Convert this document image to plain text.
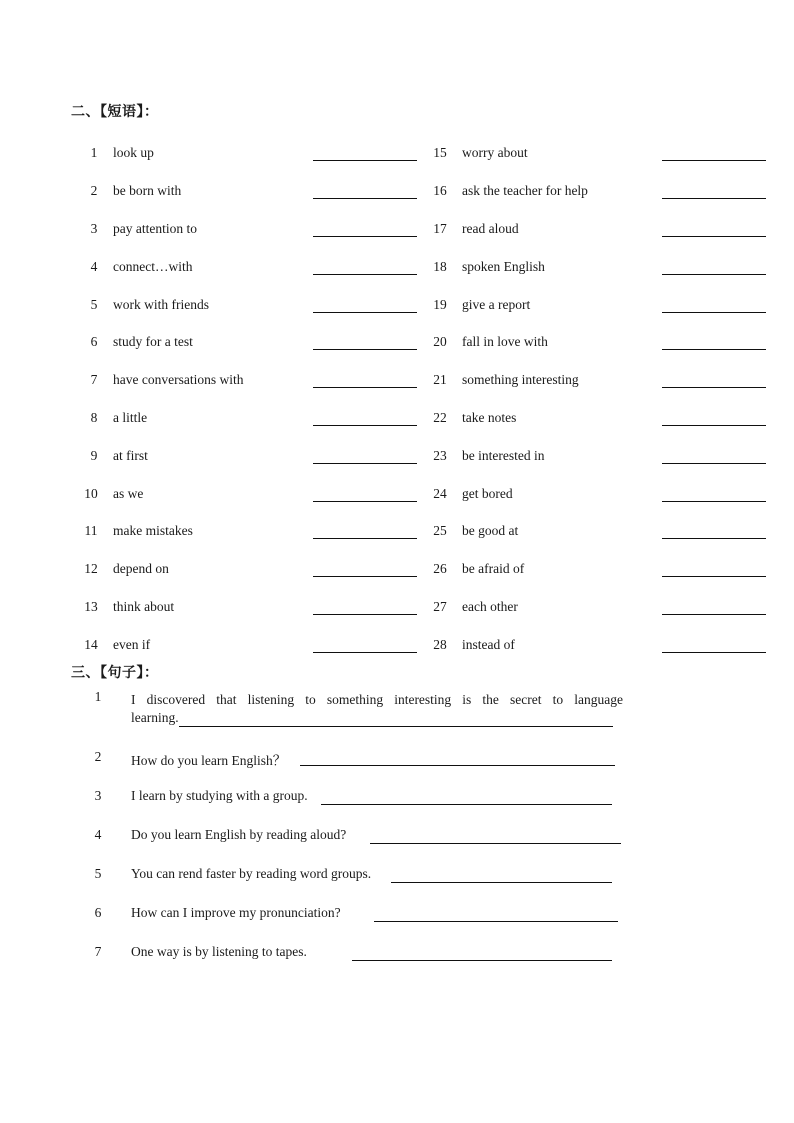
二、【短语】：
1	look up
2	be born with
3	pay attention to
4	connect…with
5	work with friends
6	study for a test
7	have conversations with
8	a little
9	at first
10	as we
11	make mistakes
12	depend on
13	think about
14	even if
15	worry about
16	ask the teacher for help
17	read aloud
18	spoken English
19	give a report
20	fall in love with
21	something interesting
22	take notes
23	be interested in
24	get bored
25	be good at
26	be afraid of
27	each other
28	instead of
三、【句子】：
1	I discovered that listening to something interesting is the secret to language
learning.
2	How do you learn English？
3	I learn by studying with a group.
4	Do you learn English by reading aloud?
5	You can rend faster by reading word groups.
6	How can I improve my pronunciation?
7	One way is by listening to tapes.
